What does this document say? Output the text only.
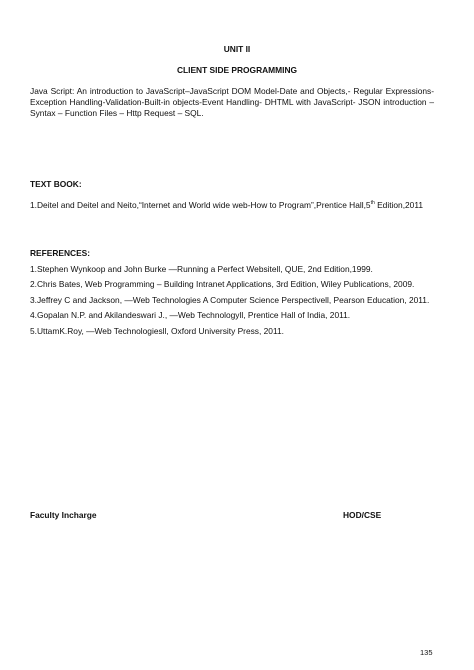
UNIT II
CLIENT SIDE PROGRAMMING

Java Script: An introduction to JavaScript–JavaScript DOM Model-Date and Objects,- Regular Expressions- Exception Handling-Validation-Built-in objects-Event Handling- DHTML with JavaScript- JSON introduction – Syntax – Function Files – Http Request – SQL.

TEXT BOOK:

1.Deitel and Deitel and Neito,“Internet and World wide web-How to Program”,Prentice Hall,5th Edition,2011

REFERENCES:

1.Stephen Wynkoop and John Burke ―Running a Perfect Websitell, QUE, 2nd Edition,1999.
2.Chris Bates, Web Programming – Building Intranet Applications, 3rd Edition, Wiley Publications, 2009.
3.Jeffrey C and Jackson, ―Web Technologies A Computer Science Perspectivell, Pearson Education, 2011.
4.Gopalan N.P. and Akilandeswari J., ―Web Technologyll, Prentice Hall of India, 2011.
5.UttamK.Roy, ―Web Technologiesll, Oxford University Press, 2011.

Faculty Incharge	HOD/CSE

135
